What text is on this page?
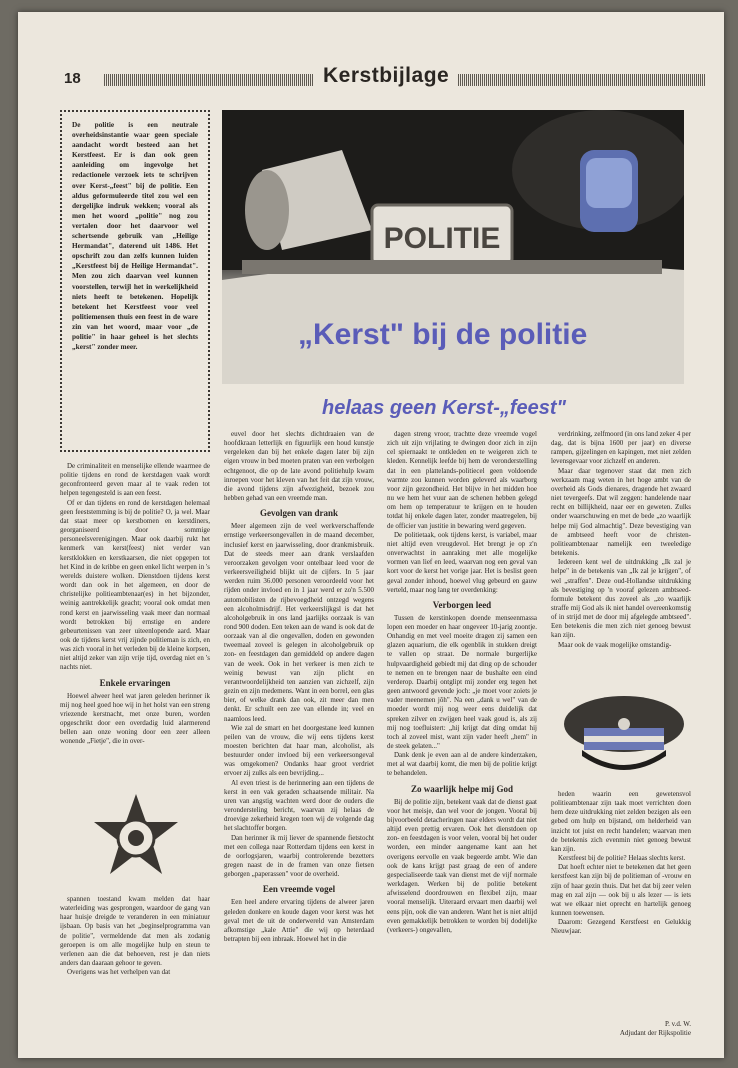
18	Kerstbijlage
De politie is een neutrale overheidsinstantie waar geen speciale aandacht wordt besteed aan het Kerstfeest. Er is dan ook geen aanleiding om ingevolge het redactionele verzoek iets te schrijven over Kerst-„feest" bij de politie. Een aldus geformuleerde titel zou wel een dergelijke indruk wekken; vooral als men het woord „politie" nog zou vertalen door het daarvoor wel schertsende gebruik van „Heilige Hermandat", daterend uit 1486. Het opschrift zou dan zelfs kunnen luiden „Kerstfeest bij de Heilige Hermandat". Men zou zich daarvan veel kunnen voorstellen, terwijl het in werkelijkheid niets heeft te betekenen. Hopelijk betekent het Kerstfeest voor veel politiemensen thuis een feest in de ware zin van het woord, maar voor „de politie" in haar geheel is het slechts „kerst" zonder meer.
POLITIE
„Kerst" bij de politie
helaas geen Kerst-„feest"

De criminaliteit en menselijke ellende waarmee de politie tijdens en rond de kerstdagen vaak wordt geconfronteerd geven maar al te vaak reden tot helpen tegengesteld is aan een feest.

Of er dan tijdens en rond de kerstdagen helemaal geen feeststemming is bij de politie? O, ja wel. Maar dat staat meer op kerstbomen en kerstdiners, georganiseerd door sommige personeelsverenigingen. Maar ook daarbij rukt het kenmerk van kerst(feest) niet verder van kerstklokken en kerstkaarsen, die niet opgepen tot het Kind in de kribbe en geen enkel licht werpen in 's werelds duistere wolken. Dienstdoen tijdens kerst wordt dan ook in het algemeen, en door de christelijke politieambtenaar(es) in het bijzonder, weinig aantrekkelijk geacht; vooral ook omdat men rond kerst en jaarwisseling vaak meer dan normaal wordt betrokken bij ernstige en andere gebeurtenissen van zeer uiteenlopende aard. Maar ook de tijdens kerst vrij zijnde politieman is zich, en was zich vooral in het verleden bij de kleine korpsen, niet altijd zeker van zijn vrije tijd, overdag niet en 's nachts niet.

Enkele ervaringen

Hoewel alweer heel wat jaren geleden herinner ik mij nog heel goed hoe wij in het holst van een streng vriezende kerstnacht, met onze buren, worden opgeschrikt door een overdadig luid alarmerend bellen aan onze woning door een zeer alleen wonende „Fietje", die in over-

spannen toestand kwam melden dat haar waterleiding was gesprongen, waardoor de gang van haar huisje dreigde te veranderen in een miniatuur ijsbaan. Op basis van het „beginselprogramma van de politie", vermeldende dat men als zodanig geroepen is om alle mogelijke hulp en steun te verlenen aan die dat behoeven, rest je dan niets anders dan daaraan gehoor te geven.

Overigens was het verhelpen van dat

euvel door het slechts dichtdraaien van de hoofdkraan letterlijk en figuurlijk een houd kunstje vergeleken dan bij het enkele dagen later bij zijn eigen vrouw in bed moeten praten van een verbolgen echtgenoot, die op de late avond politiehulp kwam inroepen voor het kleven van het feit dat zijn vrouw, die avond tijdens zijn afwezigheid, bezoek zou hebben gehad van een vreemde man.

Gevolgen van drank

Meer algemeen zijn de veel werkverschaffende ernstige verkeersongevallen in de maand december, inclusief kerst en jaarwisseling, door drankmisbruik. Dat de steeds meer aan drank verslaafden veroorzaken gevolgen voor ontelbaar leed voor de verkeersveiligheid blijkt uit de cijfers. In 5 jaar werden ruim 36.000 personen veroordeeld voor het rijden onder invloed en in 1 jaar werd er zo'n 5.500 automobilisten de rijbevoegdheid ontzegd wegens een alcoholmisdrijf. Het verkeerslijkgsl is dat het alcoholgebruik in ons land jaarlijks oorzaak is van rond 900 doden. Een teken aan de wand is ook dat de oorzaak van al die ongevallen, doden en gewonden tweemaal zoveel is gelegen in alcoholgebruik op zon- en feestdagen dan gemiddeld op andere dagen van de week. Ook in het verkeer is men zich te weinig bewust van zijn plicht en verantwoordelijkheid ten aanzien van zichzelf, zijn gezin en zijn medemens. Want in een borrel, een glas bier, of welke drank dan ook, zit meer dan men denkt. Er schuilt een zee van ellende in; veel en naamloos leed.

Wie zal de smart en het doorgestane leed kunnen peilen van de vrouw, die wij eens tijdens kerst moesten berichten dat haar man, alcoholist, als bestuurder onder invloed bij een verkeersongeval was omgekomen? Ondanks haar groot verdriet ervoer zij zulks als een bevrijding...

Al even triest is de herinnering aan een tijdens de kerst in een vak geraden schaatsende militair. Na uren van angstig wachten werd door de ouders die verondersteling bericht, waarvan zij helaas de droevige zekerheid kregen toen wij de volgende dag het slachtoffer borgen.

Dan herinner ik mij liever de spannende fietstocht met een collega naar Rotterdam tijdens een kerst in de oorlogsjaren, waarbij controlerende bezetters gregen naast de in de framen van onze fietsen geborgen „paperassen" voor de overheid.

Een vreemde vogel

Een heel andere ervaring tijdens de alweer jaren geleden donkere en koude dagen voor kerst was het geval met de uit de onderwereld van Amsterdam afkomstige „kale Attie" die wij op heterdaad betrapten bij een inbraak. Hoewel het in die

dagen streng vroor, trachtte deze vreemde vogel zich uit zijn vrijlating te dwingen door zich in zijn cel spiernaakt te ontkleden en te weigeren zich te kleden. Kennelijk leefde bij hem de veronderstelling dat in een plattelands-politiecel geen voldoende warmte zou kunnen worden geleverd als waarborg voor zijn gezondheid. Het blijve in het midden hoe nu we hem het vuur aan de schenen hebben gelegd om hem op temperatuur te krijgen en te houden totdat hij enkele dagen later, zonder maatregelen, bij de officier van justitie in bewaring werd gegeven.

De politietaak, ook tijdens kerst, is variabel, maar niet altijd even vreugdevol. Het brengt je op z'n onverwachtst in aanraking met alle mogelijke vormen van lief en leed, waarvan nog een geval van kort voor de kerst het vorige jaar. Het is beslist geen geval zonder inhoud, hoewel vlug gebeurd en gauw verteld, maar nog lang ter overdenking:

Verborgen leed

Tussen de kerstinkopen doende menseenmassa lopen een moeder en haar ongeveer 10-jarig zoontje. Onhandig en met veel moeite dragen zij samen een glazen aquarium, die elk ogenblik in stukken dreigt te vallen op straat. De normale burgerlijke hulpvaardigheid gebiedt mij dat ding op de schouder te nemen en te brengen naar de bushalte een eind verderop. Daarbij ontglipt mij zonder erg tegen het geen antwoord gevende joch: „je moet voor zoiets je vader meenemen jôh". Na een „dank u wel" van de moeder wordt mij nog weer eens duidelijk dat spreken zilver en zwijgen heel vaak goud is, als zij mij nog toefluistert: „hij krijgt dat ding omdat hij toch al zoveel mist, want zijn vader heeft „hem" in de steek gelaten..."

Dank denk je even aan al de andere kinderzaken, met al wat daarbij komt, die men bij de politie krijgt te behandelen.

Zo waarlijk helpe mij God

Bij de politie zijn, betekent vaak dat de dienst gaat voor het meisje, dan wel voor de jongen. Vooral bij bijvoorbeeld detacheringen naar elders wordt dat niet altijd even prettig ervaren. Ook het dienstdoen op zon- en feestdagen is voor velen, vooral bij het ouder worden, een minder aangename kant aan het overigens eervolle en vaak begeerde ambt. Wie dan ook de kans krijgt past graag de een of andere gespecialiseerde taak van dienst met de vijf normale werkdagen. Werken bij de politie betekent afwisselend doordrouwen en flexibel zijn, maar vooral menselijk. Uiteraard ervaart men daarbij wel eens pijn, ook die van anderen. Want het is niet altijd even gemakkelijk betrokken te worden bij dodelijke (verkeers-) ongevallen,

verdrinking, zelfmoord (in ons land zeker 4 per dag, dat is bijna 1600 per jaar) en diverse rampen, gijzelingen en kapingen, met niet zelden levensgevaar voor zichzelf en anderen.

Maar daar tegenover staat dat men zich werkzaam mag weten in het hoge ambt van de overheid als Gods dienares, dragende het zwaard niet tevergeefs. Dat wil zeggen: handelende naar recht en billijkheid, naar eer en geweten. Zulks onder waarschuwing en met de bede „zo waarlijk helpe mij God almachtig". Deze bevestiging van de ambtseed heeft voor de christen-politieambtenaar namelijk een tweeledige betekenis.

Iedereen kent wel de uitdrukking „Ik zal je helpe" in de betekenis van „Ik zal je krijgen", of wel „straffen". Deze oud-Hollandse uitdrukking als bevestiging op 'n vooraf gelezen ambtseed-formule betekent dus zoveel als „zo waarlijk straffe mij God als ik niet handel overeenkomstig of in strijd met de door mij afgelegde ambtseed". Een betekenis die men zich niet genoeg bewust kan zijn.

Maar ook de vaak mogelijke omstandig-

heden waarin een gewetensvol politieambtenaar zijn taak moet verrichten doen hem deze uitdrukking niet zelden bezigen als een gebed om hulp en bijstand, om helderheid van inzicht tot juist en recht handelen; waarvan men de betekenis zich evenmin niet genoeg bewust kan zijn.

Kerstfeest bij de politie? Helaas slechts kerst.

Dat hoeft echter niet te betekenen dat het geen kerstfeest kan zijn bij de politieman of -vrouw en zijn of haar gezin thuis. Dat het dat bij zeer velen mag en zal zijn — ook bij u als lezer — is iets wat we elkaar niet oprecht en hartelijk genoeg kunnen toewensen.

Daarom: Gezegend Kerstfeest en Gelukkig Nieuwjaar.

P. v.d. W.
Adjudant der Rijkspolitie
